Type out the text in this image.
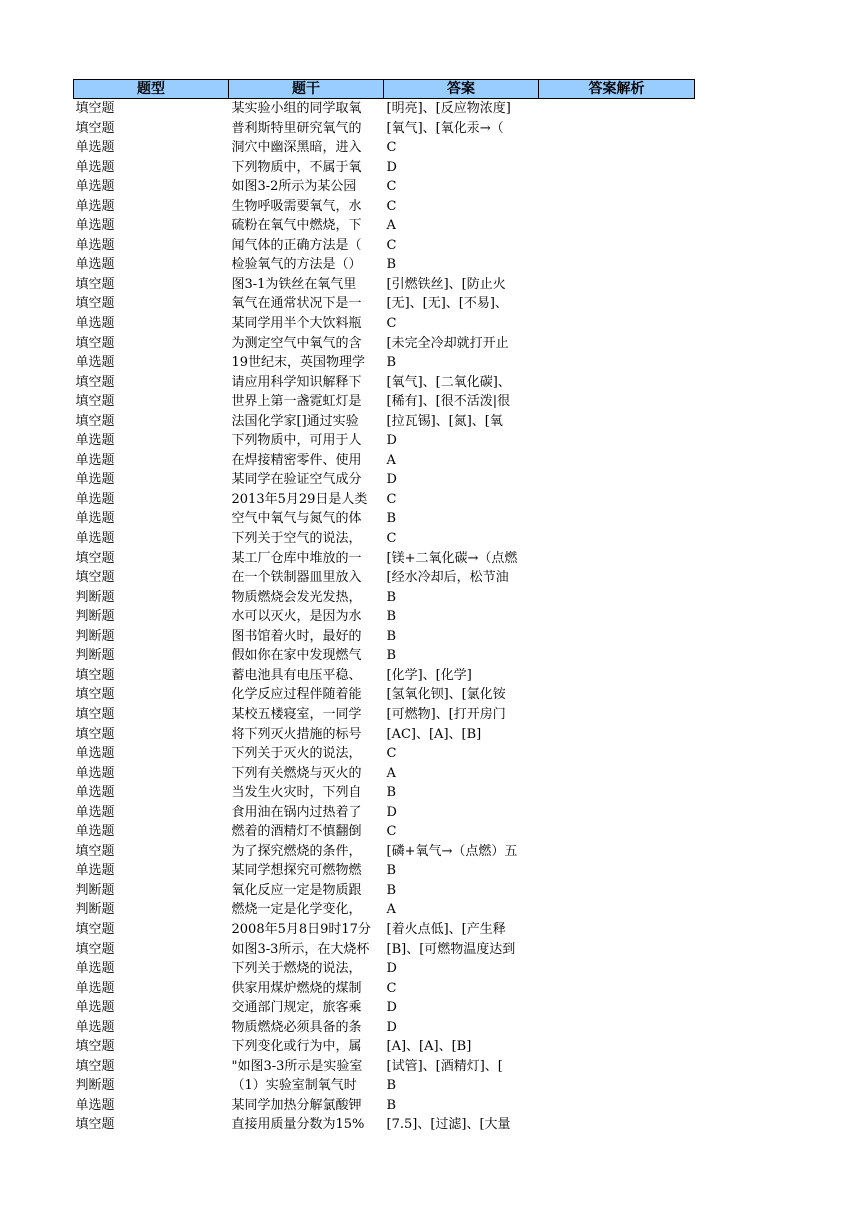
题型	题干	答案	答案解析
填空题	某实验小组的同学取氧	[明亮]、[反应物浓度]	
填空题	普利斯特里研究氧气的	[氧气]、[氧化汞→（	
单选题	洞穴中幽深黑暗，进入	C	
单选题	下列物质中，不属于氧	D	
单选题	如图3-2所示为某公园	C	
单选题	生物呼吸需要氧气，水	C	
单选题	硫粉在氧气中燃烧，下	A	
单选题	闻气体的正确方法是（	C	
单选题	检验氧气的方法是（）	B	
填空题	图3-1为铁丝在氧气里	[引燃铁丝]、[防止火	
填空题	氧气在通常状况下是一	[无]、[无]、[不易]、	
单选题	某同学用半个大饮料瓶	C	
填空题	为测定空气中氧气的含	[未完全冷却就打开止	
单选题	19世纪末，英国物理学	B	
填空题	请应用科学知识解释下	[氧气]、[二氧化碳]、	
填空题	世界上第一盏霓虹灯是	[稀有]、[很不活泼|很	
填空题	法国化学家[]通过实验	[拉瓦锡]、[氮]、[氧	
单选题	下列物质中，可用于人	D	
单选题	在焊接精密零件、使用	A	
单选题	某同学在验证空气成分	D	
单选题	2013年5月29日是人类	C	
单选题	空气中氧气与氮气的体	B	
单选题	下列关于空气的说法，	C	
填空题	某工厂仓库中堆放的一	[镁+二氧化碳→（点燃	
填空题	在一个铁制器皿里放入	[经水冷却后，松节油	
判断题	物质燃烧会发光发热，	B	
判断题	水可以灭火，是因为水	B	
判断题	图书馆着火时，最好的	B	
判断题	假如你在家中发现燃气	B	
填空题	蓄电池具有电压平稳、	[化学]、[化学]	
填空题	化学反应过程伴随着能	[氢氧化钡]、[氯化铵	
填空题	某校五楼寝室，一同学	[可燃物]、[打开房门	
填空题	将下列灭火措施的标号	[AC]、[A]、[B]	
单选题	下列关于灭火的说法，	C	
单选题	下列有关燃烧与灭火的	A	
单选题	当发生火灾时，下列自	B	
单选题	食用油在锅内过热着了	D	
单选题	燃着的酒精灯不慎翻倒	C	
填空题	为了探究燃烧的条件，	[磷+氧气→（点燃）五	
单选题	某同学想探究可燃物燃	B	
判断题	氧化反应一定是物质跟	B	
判断题	燃烧一定是化学变化，	A	
填空题	2008年5月8日9时17分	[着火点低]、[产生释	
填空题	如图3-3所示，在大烧杯	[B]、[可燃物温度达到	
单选题	下列关于燃烧的说法，	D	
单选题	供家用煤炉燃烧的煤制	C	
单选题	交通部门规定，旅客乘	D	
单选题	物质燃烧必须具备的条	D	
填空题	下列变化或行为中，属	[A]、[A]、[B]	
填空题	"如图3-3所示是实验室	[试管]、[酒精灯]、[	
判断题	（1）实验室制氧气时	B	
单选题	某同学加热分解氯酸钾	B	
填空题	直接用质量分数为15%	[7.5]、[过滤]、[大量	
